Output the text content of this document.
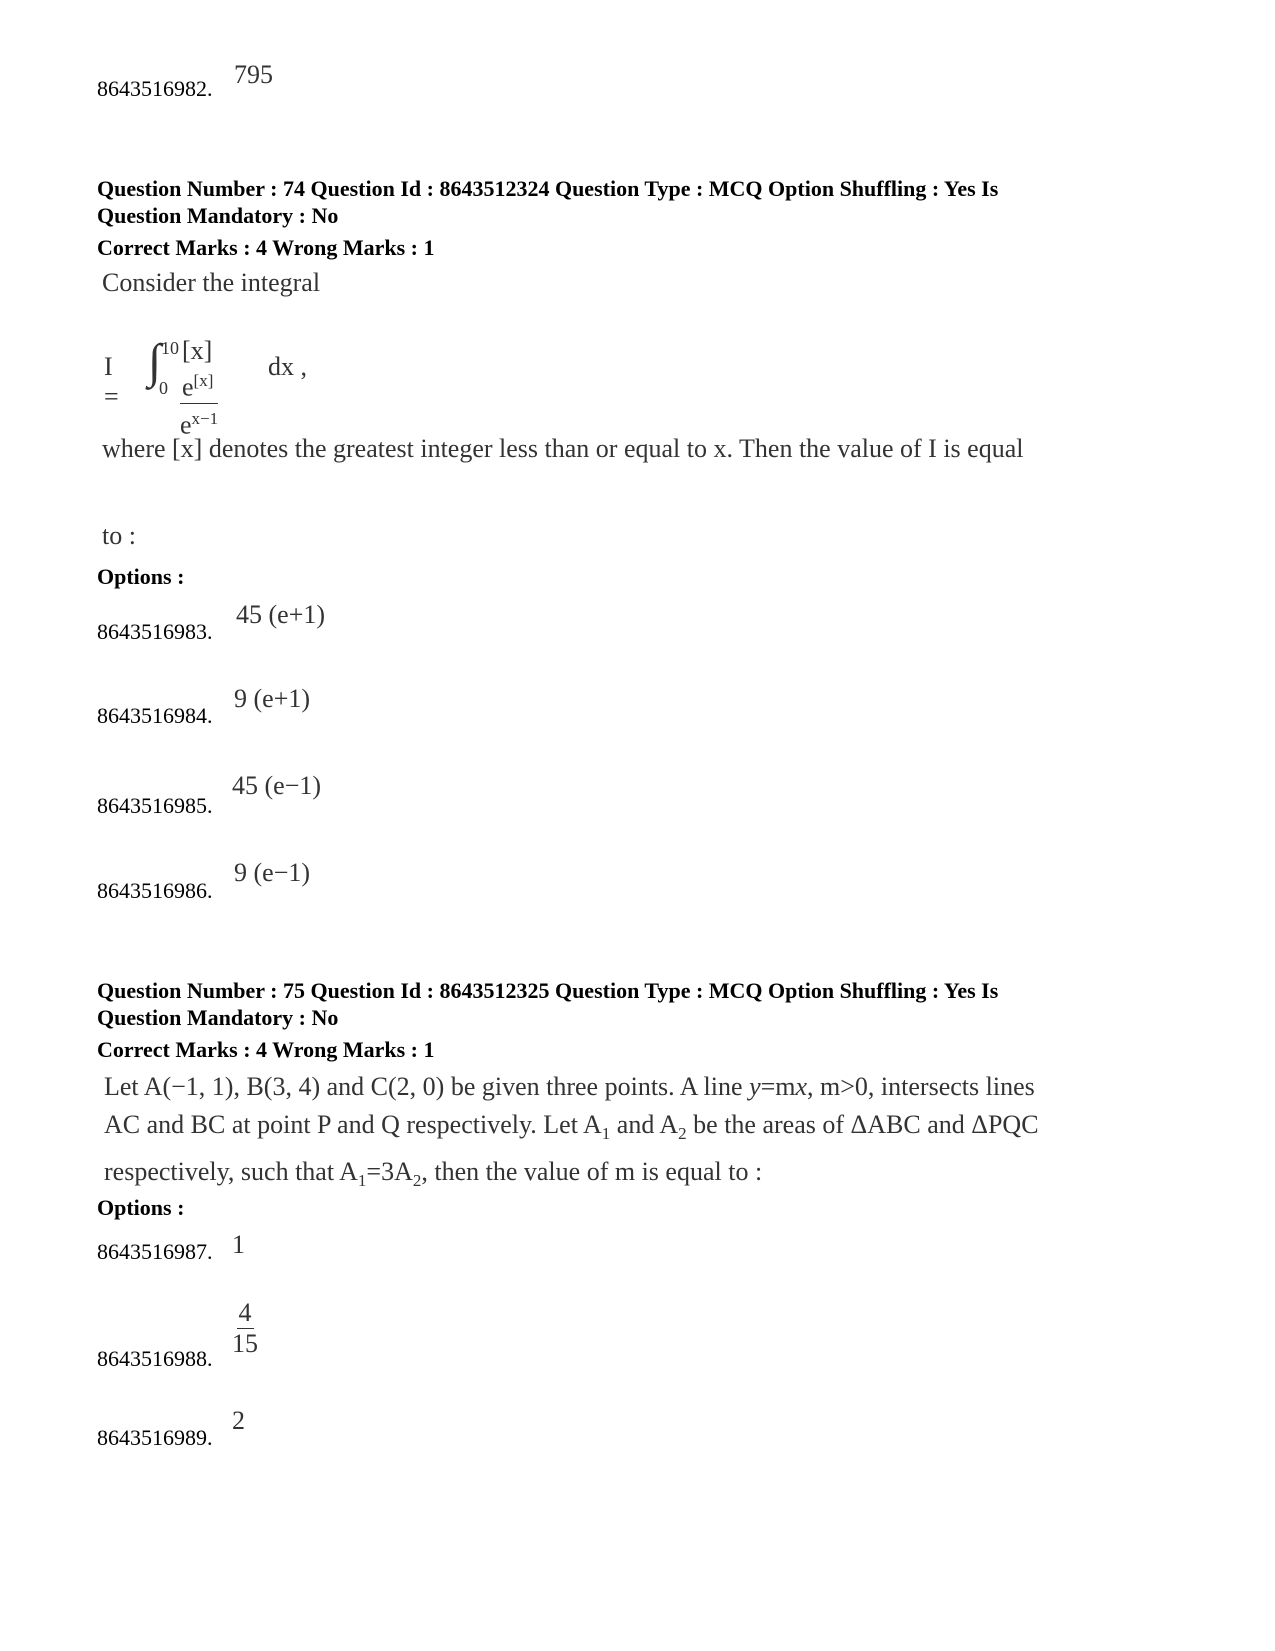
8643516982. 795
Question Number : 74 Question Id : 8643512324 Question Type : MCQ Option Shuffling : Yes Is
Question Mandatory : No
Correct Marks : 4 Wrong Marks : 1
Consider the integral
I =
∫ 10
$0 \frac{[x] e^{[x]}}{e^{x-1}}$ dx ,
where [x] denotes the greatest integer less than or equal to x. Then the value of I is equal
to :
Options :
8643516983.
45 (e+1)
8643516984.
9 (e+1)
8643516985.
45 (e−1)
8643516986.
9 (e−1)
Question Number : 75 Question Id : 8643512325 Question Type : MCQ Option Shuffling : Yes Is
Question Mandatory : No
Correct Marks : 4 Wrong Marks : 1
Let A(−1, 1), B(3, 4) and C(2, 0) be given three points. A line y=mx, m>0, intersects lines
AC and BC at point P and Q respectively. Let $A_1$ and $A_2$ be the areas of ΔABC and ΔPQC
respectively, such that $A_1=3A_2$, then the value of m is equal to :
Options :
8643516987. 1
8643516988. $\frac{4}{15}$
8643516989.
2
